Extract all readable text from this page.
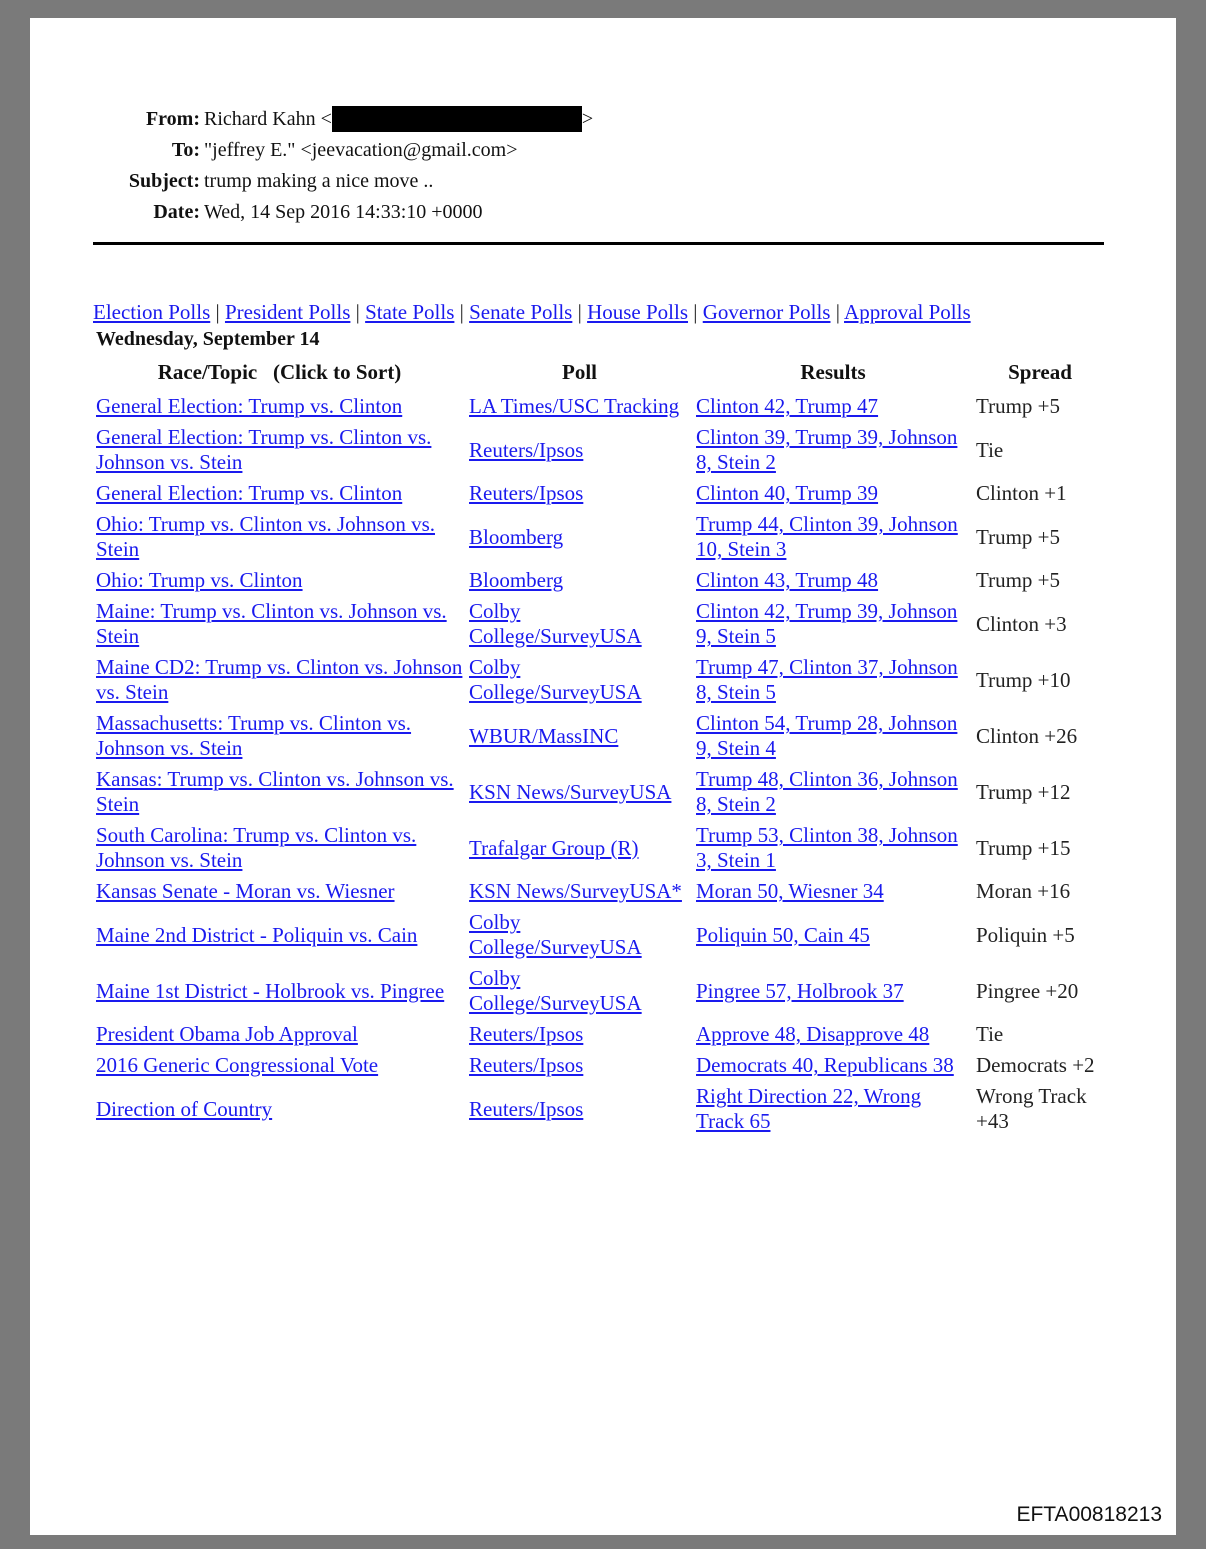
From: Richard Kahn <	>
To: "jeffrey E." <jeevacation@gmail.com>
Subject: trump making a nice move ..
Date: Wed, 14 Sep 2016 14:33:10 +0000
Election Polls | President Polls | State Polls | Senate Polls | House Polls | Governor Polls | Approval Polls
Wednesday, September 14
Race/Topic   (Click to Sort)	Poll	Results	Spread
General Election: Trump vs. Clinton	LA Times/USC Tracking	Clinton 42, Trump 47	Trump +5
General Election: Trump vs. Clinton vs. Johnson vs. Stein	Reuters/Ipsos	Clinton 39, Trump 39, Johnson 8, Stein 2	Tie
General Election: Trump vs. Clinton	Reuters/Ipsos	Clinton 40, Trump 39	Clinton +1
Ohio: Trump vs. Clinton vs. Johnson vs. Stein	Bloomberg	Trump 44, Clinton 39, Johnson 10, Stein 3	Trump +5
Ohio: Trump vs. Clinton	Bloomberg	Clinton 43, Trump 48	Trump +5
Maine: Trump vs. Clinton vs. Johnson vs. Stein	Colby College/SurveyUSA	Clinton 42, Trump 39, Johnson 9, Stein 5	Clinton +3
Maine CD2: Trump vs. Clinton vs. Johnson vs. Stein	Colby College/SurveyUSA	Trump 47, Clinton 37, Johnson 8, Stein 5	Trump +10
Massachusetts: Trump vs. Clinton vs. Johnson vs. Stein	WBUR/MassINC	Clinton 54, Trump 28, Johnson 9, Stein 4	Clinton +26
Kansas: Trump vs. Clinton vs. Johnson vs. Stein	KSN News/SurveyUSA	Trump 48, Clinton 36, Johnson 8, Stein 2	Trump +12
South Carolina: Trump vs. Clinton vs. Johnson vs. Stein	Trafalgar Group (R)	Trump 53, Clinton 38, Johnson 3, Stein 1	Trump +15
Kansas Senate - Moran vs. Wiesner	KSN News/SurveyUSA*	Moran 50, Wiesner 34	Moran +16
Maine 2nd District - Poliquin vs. Cain	Colby College/SurveyUSA	Poliquin 50, Cain 45	Poliquin +5
Maine 1st District - Holbrook vs. Pingree	Colby College/SurveyUSA	Pingree 57, Holbrook 37	Pingree +20
President Obama Job Approval	Reuters/Ipsos	Approve 48, Disapprove 48	Tie
2016 Generic Congressional Vote	Reuters/Ipsos	Democrats 40, Republicans 38	Democrats +2
Direction of Country	Reuters/Ipsos	Right Direction 22, Wrong Track 65	Wrong Track +43
EFTA00818213
